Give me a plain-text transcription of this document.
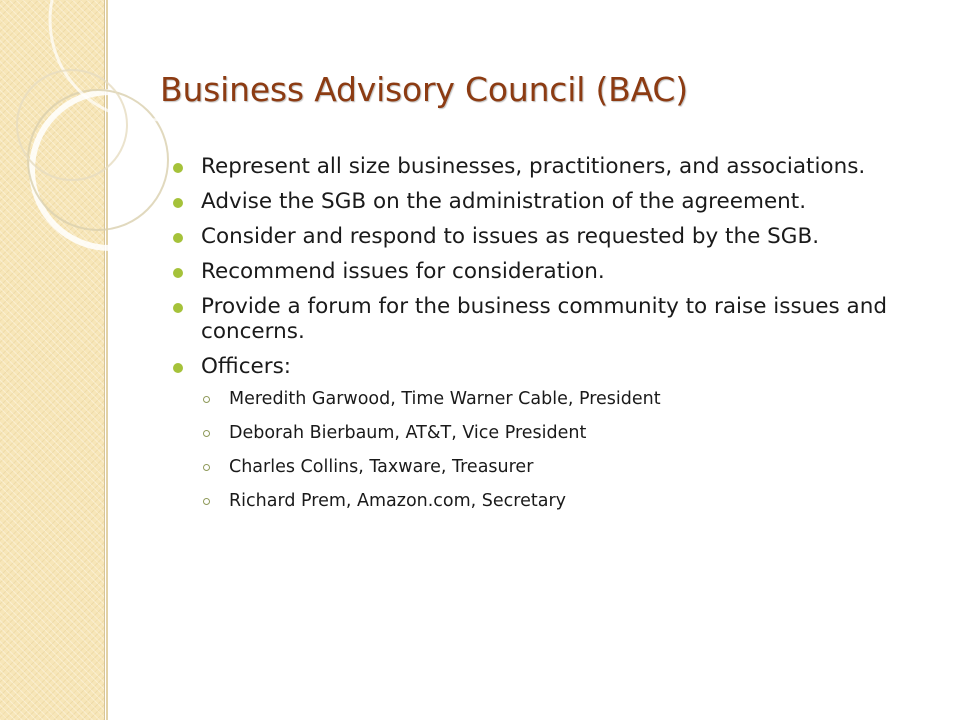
Business Advisory Council (BAC)
Represent all size businesses, practitioners, and associations.
Advise the SGB on the administration of the agreement.
Consider and respond to issues as requested by the SGB.
Recommend issues for consideration.
Provide a forum for the business community to raise issues and concerns.
Officers:
Meredith Garwood, Time Warner Cable, President
Deborah Bierbaum, AT&T, Vice President
Charles Collins, Taxware, Treasurer
Richard Prem, Amazon.com, Secretary
